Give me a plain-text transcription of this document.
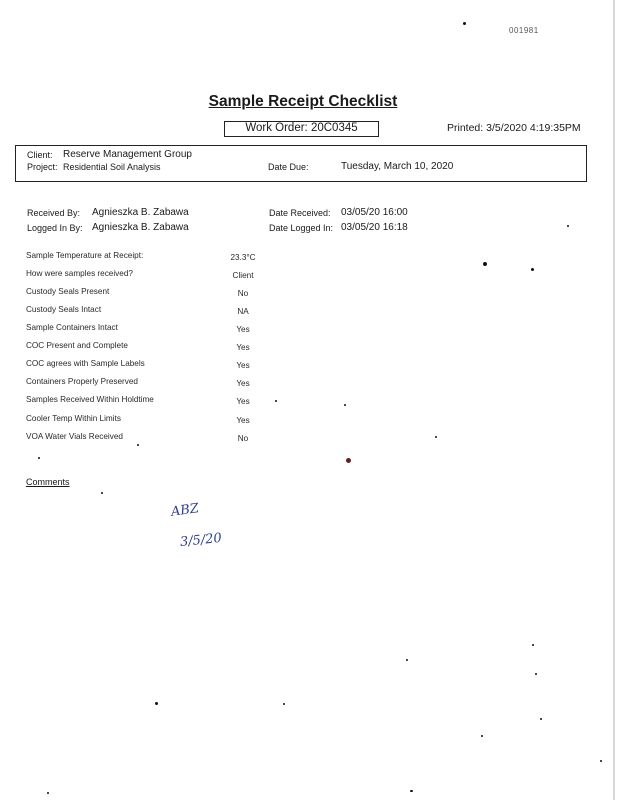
001981
Sample Receipt Checklist
Work Order: 20C0345	Printed: 3/5/2020 4:19:35PM
Client: Reserve Management Group
Project: Residential Soil Analysis	Date Due:	Tuesday, March 10, 2020
Received By: Agnieszka B. Zabawa
Logged In By: Agnieszka B. Zabawa
Date Received: 03/05/20 16:00
Date Logged In: 03/05/20 16:18
Sample Temperature at Receipt:	23.3°C
How were samples received?	Client
Custody Seals Present	No
Custody Seals Intact	NA
Sample Containers Intact	Yes
COC Present and Complete	Yes
COC agrees with Sample Labels	Yes
Containers Properly Preserved	Yes
Samples Received Within Holdtime	Yes
Cooler Temp Within Limits	Yes
VOA Water Vials Received	No
Comments
ABZ
3/5/20
